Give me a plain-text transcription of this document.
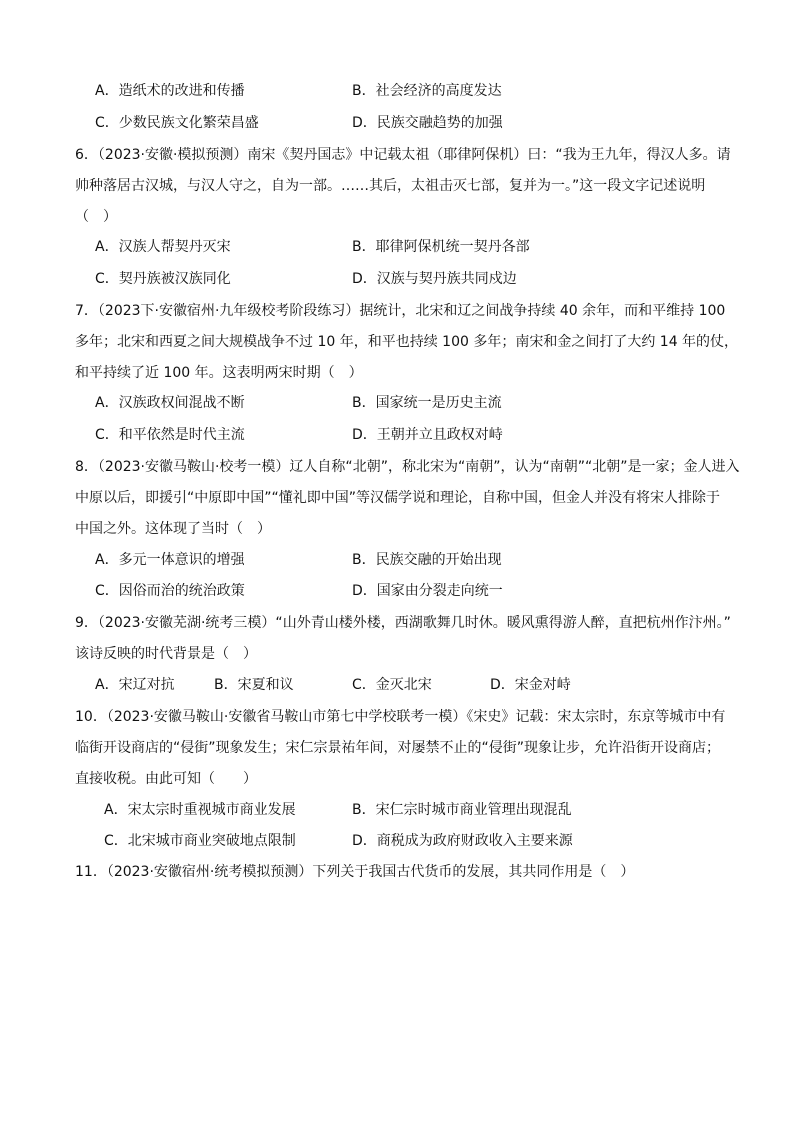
A．造纸术的改进和传播	B．社会经济的高度发达
C．少数民族文化繁荣昌盛	D．民族交融趋势的加强
6．（2023·安徽·模拟预测）南宋《契丹国志》中记载太祖（耶律阿保机）曰：“我为王九年，得汉人多。请
帅种落居古汉城，与汉人守之，自为一部。……其后，太祖击灭七部，复并为一。”这一段文字记述说明
（　）
A．汉族人帮契丹灭宋	B．耶律阿保机统一契丹各部
C．契丹族被汉族同化	D．汉族与契丹族共同戍边
7．（2023下·安徽宿州·九年级校考阶段练习）据统计，北宋和辽之间战争持续 40 余年，而和平维持 100
多年；北宋和西夏之间大规模战争不过 10 年，和平也持续 100 多年；南宋和金之间打了大约 14 年的仗，
和平持续了近 100 年。这表明两宋时期（　）
A．汉族政权间混战不断	B．国家统一是历史主流
C．和平依然是时代主流	D．王朝并立且政权对峙
8．（2023·安徽马鞍山·校考一模）辽人自称“北朝”，称北宋为“南朝”，认为“南朝”“北朝”是一家；金人进入
中原以后，即援引“中原即中国”“懂礼即中国”等汉儒学说和理论，自称中国，但金人并没有将宋人排除于
中国之外。这体现了当时（　）
A．多元一体意识的增强	B．民族交融的开始出现
C．因俗而治的统治政策	D．国家由分裂走向统一
9．（2023·安徽芜湖·统考三模）“山外青山楼外楼，西湖歌舞几时休。暖风熏得游人醉，直把杭州作汴州。”
该诗反映的时代背景是（　）
A．宋辽对抗	B．宋夏和议	C．金灭北宋	D．宋金对峙
10．（2023·安徽马鞍山·安徽省马鞍山市第七中学校联考一模）《宋史》记载：宋太宗时，东京等城市中有
临街开设商店的“侵街”现象发生；宋仁宗景祐年间，对屡禁不止的“侵街”现象让步，允许沿街开设商店；
直接收税。由此可知（　　）
A．宋太宗时重视城市商业发展	B．宋仁宗时城市商业管理出现混乱
C．北宋城市商业突破地点限制	D．商税成为政府财政收入主要来源
11．（2023·安徽宿州·统考模拟预测）下列关于我国古代货币的发展，其共同作用是（　）
